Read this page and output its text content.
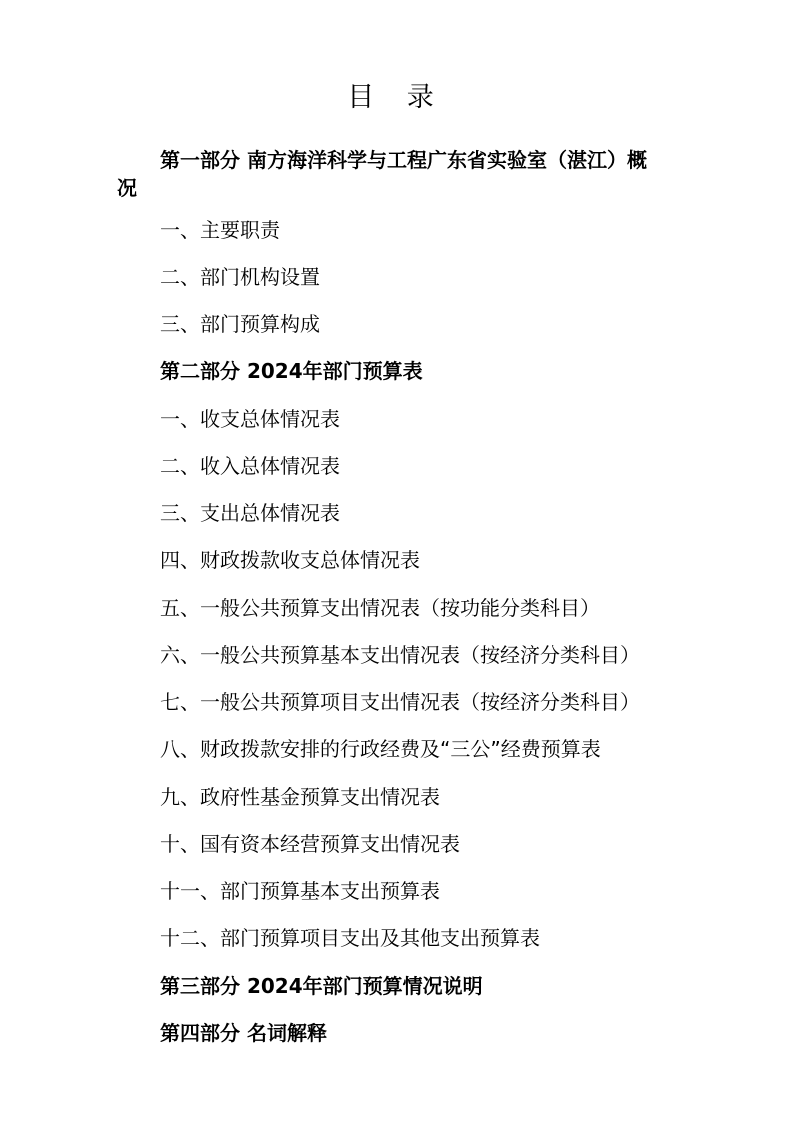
目 录
第一部分 南方海洋科学与工程广东省实验室（湛江）概况
一、主要职责
二、部门机构设置
三、部门预算构成
第二部分 2024年部门预算表
一、收支总体情况表
二、收入总体情况表
三、支出总体情况表
四、财政拨款收支总体情况表
五、一般公共预算支出情况表（按功能分类科目）
六、一般公共预算基本支出情况表（按经济分类科目）
七、一般公共预算项目支出情况表（按经济分类科目）
八、财政拨款安排的行政经费及“三公”经费预算表
九、政府性基金预算支出情况表
十、国有资本经营预算支出情况表
十一、部门预算基本支出预算表
十二、部门预算项目支出及其他支出预算表
第三部分 2024年部门预算情况说明
第四部分 名词解释
